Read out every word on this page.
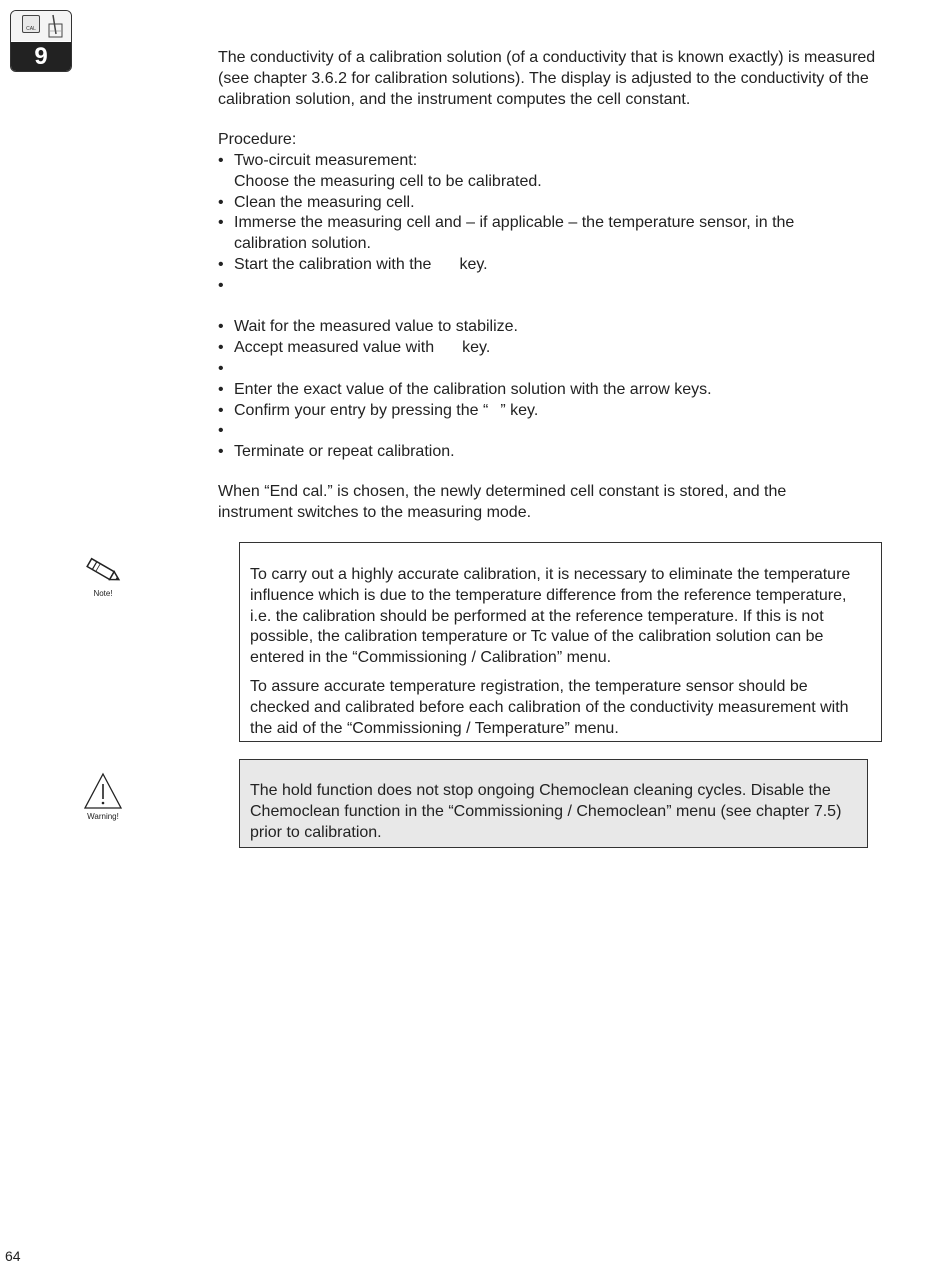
CAL
9	The conductivity of a calibration solution (of a conductivity that is known exactly) is measured (see chapter 3.6.2 for calibration solutions). The display is adjusted to the conductivity of the calibration solution, and the instrument computes the cell constant.

Procedure:

• Two-circuit measurement:
Choose the measuring cell to be calibrated.
• Clean the measuring cell.
• Immerse the measuring cell and – if applicable – the temperature sensor, in the calibration solution.
• Start the calibration with the key.
•
• Wait for the measured value to stabilize.
• Accept measured value with key.
•
• Enter the exact value of the calibration solution with the arrow keys.
• Confirm your entry by pressing the “ ” key.
•
• Terminate or repeat calibration.

When “End cal.” is chosen, the newly determined cell constant is stored, and the instrument switches to the measuring mode.

Note!

To carry out a highly accurate calibration, it is necessary to eliminate the temperature influence which is due to the temperature difference from the reference temperature, i.e. the calibration should be performed at the reference temperature. If this is not possible, the calibration temperature or Tc value of the calibration solution can be entered in the “Commissioning / Calibration” menu.

To assure accurate temperature registration, the temperature sensor should be checked and calibrated before each calibration of the conductivity measurement with the aid of the “Commissioning / Temperature” menu.

Warning!

The hold function does not stop ongoing Chemoclean cleaning cycles. Disable the Chemoclean function in the “Commissioning / Chemoclean” menu (see chapter 7.5) prior to calibration.

64
